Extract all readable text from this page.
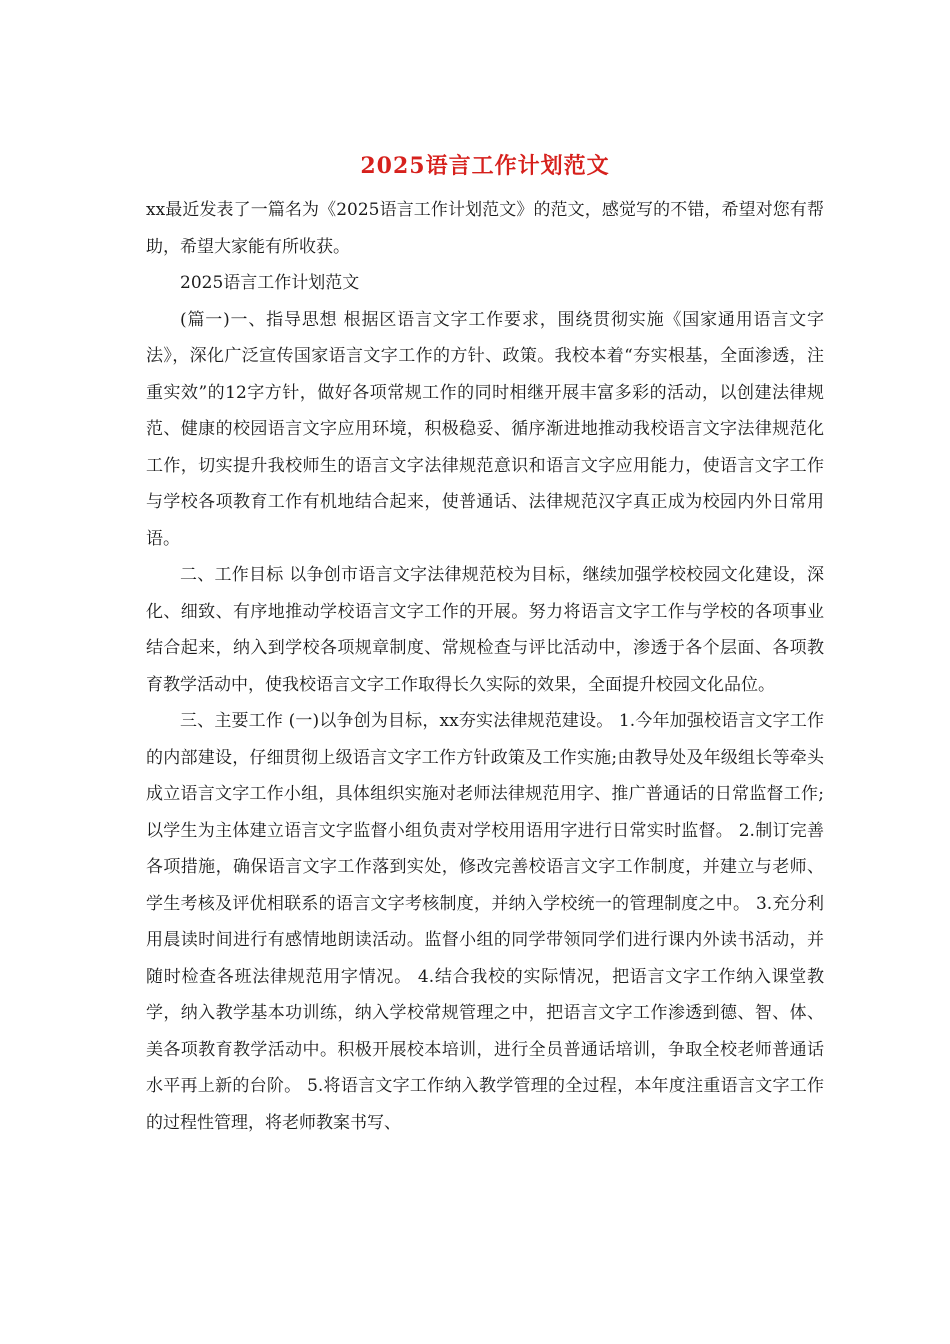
2025语言工作计划范文

xx最近发表了一篇名为《2025语言工作计划范文》的范文，感觉写的不错，希望对您有帮助，希望大家能有所收获。

2025语言工作计划范文

(篇一)一、指导思想 根据区语言文字工作要求，围绕贯彻实施《国家通用语言文字法》，深化广泛宣传国家语言文字工作的方针、政策。我校本着“夯实根基，全面渗透，注重实效”的12字方针，做好各项常规工作的同时相继开展丰富多彩的活动，以创建法律规范、健康的校园语言文字应用环境，积极稳妥、循序渐进地推动我校语言文字法律规范化工作，切实提升我校师生的语言文字法律规范意识和语言文字应用能力，使语言文字工作与学校各项教育工作有机地结合起来，使普通话、法律规范汉字真正成为校园内外日常用语。

二、工作目标 以争创市语言文字法律规范校为目标，继续加强学校校园文化建设，深化、细致、有序地推动学校语言文字工作的开展。努力将语言文字工作与学校的各项事业结合起来，纳入到学校各项规章制度、常规检查与评比活动中，渗透于各个层面、各项教育教学活动中，使我校语言文字工作取得长久实际的效果，全面提升校园文化品位。

三、主要工作 (一)以争创为目标，xx夯实法律规范建设。 1.今年加强校语言文字工作的内部建设，仔细贯彻上级语言文字工作方针政策及工作实施;由教导处及年级组长等牵头成立语言文字工作小组，具体组织实施对老师法律规范用字、推广普通话的日常监督工作;以学生为主体建立语言文字监督小组负责对学校用语用字进行日常实时监督。 2.制订完善各项措施，确保语言文字工作落到实处，修改完善校语言文字工作制度，并建立与老师、学生考核及评优相联系的语言文字考核制度，并纳入学校统一的管理制度之中。 3.充分利用晨读时间进行有感情地朗读活动。监督小组的同学带领同学们进行课内外读书活动，并随时检查各班法律规范用字情况。 4.结合我校的实际情况，把语言文字工作纳入课堂教学，纳入教学基本功训练，纳入学校常规管理之中，把语言文字工作渗透到德、智、体、美各项教育教学活动中。积极开展校本培训，进行全员普通话培训，争取全校老师普通话水平再上新的台阶。 5.将语言文字工作纳入教学管理的全过程，本年度注重语言文字工作的过程性管理，将老师教案书写、
